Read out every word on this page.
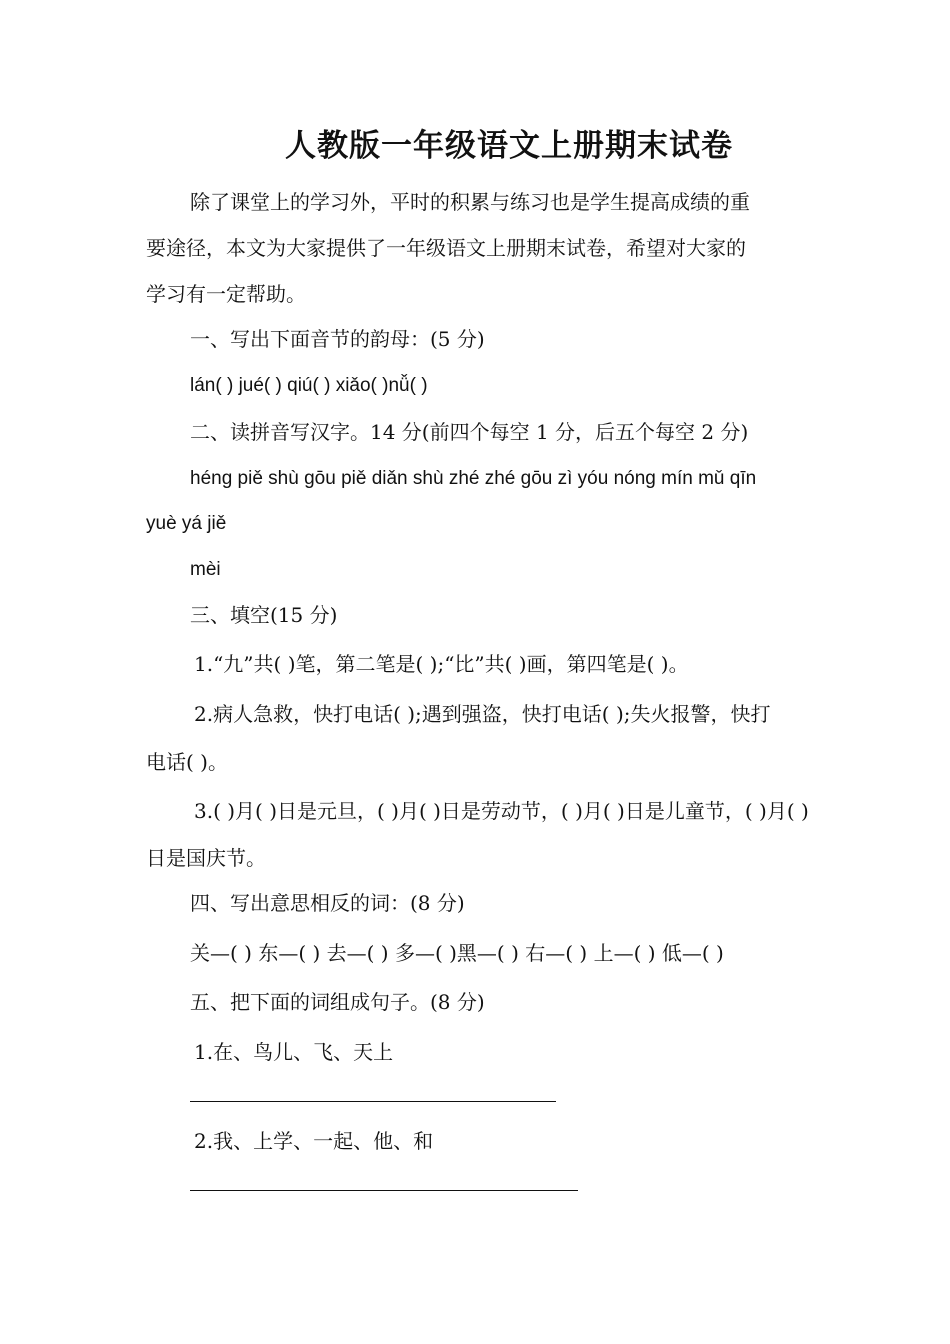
人教版一年级语文上册期末试卷
除了课堂上的学习外，平时的积累与练习也是学生提高成绩的重
要途径，本文为大家提供了一年级语文上册期末试卷，希望对大家的
学习有一定帮助。
一、写出下面音节的韵母：(5 分)
lán( ) jué( ) qiú( ) xiǎo( )nǚ( )
二、读拼音写汉字。14 分(前四个每空 1 分，后五个每空 2 分)
héng piě shù gōu piě diǎn shù zhé zhé gōu zì yóu nóng mín mǔ qīn
yuè yá jiě
mèi
三、填空(15 分)
1.“九”共( )笔，第二笔是( );“比”共( )画，第四笔是( )。
2.病人急救，快打电话( );遇到强盗，快打电话( );失火报警，快打
电话( )。
3.( )月( )日是元旦，( )月( )日是劳动节，( )月( )日是儿童节，( )月( )
日是国庆节。
四、写出意思相反的词：(8 分)
关—( ) 东—( ) 去—( ) 多—( )黑—( ) 右—( ) 上—( ) 低—( )
五、把下面的词组成句子。(8 分)
1.在、鸟儿、飞、天上
2.我、上学、一起、他、和
